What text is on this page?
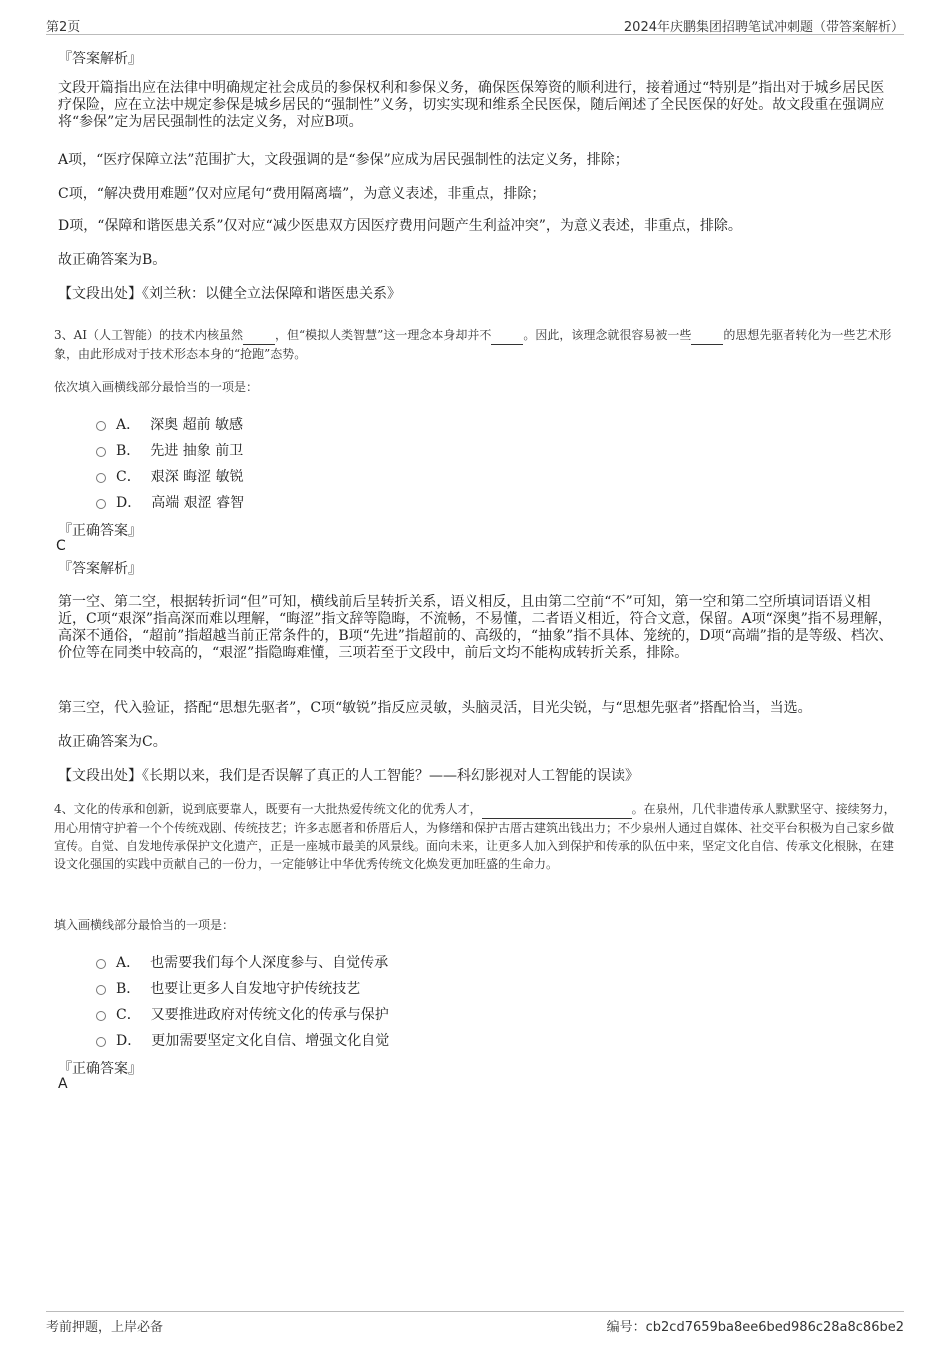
第2页	2024年庆鹏集团招聘笔试冲刺题（带答案解析）
『答案解析』

文段开篇指出应在法律中明确规定社会成员的参保权利和参保义务，确保医保筹资的顺利进行，接着通过“特别是”指出对于城乡居民医疗保险，应在立法中规定参保是城乡居民的“强制性”义务，切实实现和维系全民医保，随后阐述了全民医保的好处。故文段重在强调应将“参保”定为居民强制性的法定义务，对应B项。

A项，“医疗保障立法”范围扩大，文段强调的是“参保”应成为居民强制性的法定义务，排除；

C项，“解决费用难题”仅对应尾句“费用隔离墙”，为意义表述，非重点，排除；

D项，“保障和谐医患关系”仅对应“减少医患双方因医疗费用问题产生利益冲突”，为意义表述，非重点，排除。

故正确答案为B。

【文段出处】《刘兰秋：以健全立法保障和谐医患关系》

3、AI（人工智能）的技术内核虽然	，但“模拟人类智慧”这一理念本身却并不	。因此，该理念就很容易被一些	的思想先驱者转化为一些艺术形象，由此形成对于技术形态本身的“抢跑”态势。
依次填入画横线部分最恰当的一项是：
A． 深奥 超前 敏感
B． 先进 抽象 前卫
C． 艰深 晦涩 敏锐
D． 高端 艰涩 睿智
『正确答案』
C
『答案解析』

第一空、第二空，根据转折词“但”可知，横线前后呈转折关系，语义相反，且由第二空前“不”可知，第一空和第二空所填词语语义相近，C项“艰深”指高深而难以理解，“晦涩”指文辞等隐晦，不流畅，不易懂，二者语义相近，符合文意，保留。A项“深奥”指不易理解，高深不通俗，“超前”指超越当前正常条件的，B项“先进”指超前的、高级的，“抽象”指不具体、笼统的，D项“高端”指的是等级、档次、价位等在同类中较高的，“艰涩”指隐晦难懂，三项若至于文段中，前后文均不能构成转折关系，排除。

第三空，代入验证，搭配“思想先驱者”，C项“敏锐”指反应灵敏，头脑灵活，目光尖锐，与“思想先驱者”搭配恰当，当选。

故正确答案为C。

【文段出处】《长期以来，我们是否误解了真正的人工智能？——科幻影视对人工智能的误读》

4、文化的传承和创新，说到底要靠人，既要有一大批热爱传统文化的优秀人才，	。在泉州，几代非遗传承人默默坚守、接续努力，用心用情守护着一个个传统戏剧、传统技艺；许多志愿者和侨厝后人，为修缮和保护古厝古建筑出钱出力；不少泉州人通过自媒体、社交平台积极为自己家乡做宣传。自觉、自发地传承保护文化遗产，正是一座城市最美的风景线。面向未来，让更多人加入到保护和传承的队伍中来，坚定文化自信、传承文化根脉，在建设文化强国的实践中贡献自己的一份力，一定能够让中华优秀传统文化焕发更加旺盛的生命力。
填入画横线部分最恰当的一项是：
A． 也需要我们每个人深度参与、自觉传承
B． 也要让更多人自发地守护传统技艺
C． 又要推进政府对传统文化的传承与保护
D． 更加需要坚定文化自信、增强文化自觉
『正确答案』
A
考前押题，上岸必备	编号：cb2cd7659ba8ee6bed986c28a8c86be2
